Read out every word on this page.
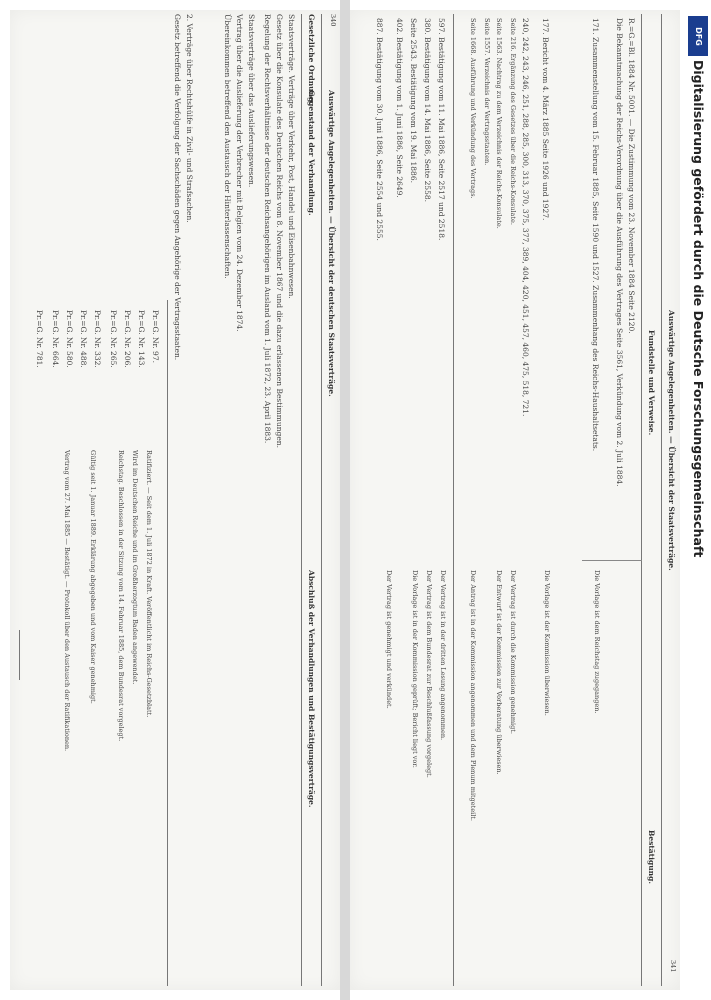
340
Auswärtige Angelegenheiten. — Übersicht der deutschen Staatsverträge.
Gesetzliche Ordnung.
Gegenstand der Verhandlung.
Abschluß der Verhandlungen und Bestätigungsverträge.
Staatsverträge. Verträge über Verkehr, Post, Handel und Eisenbahnwesen.
Gesetz über die Konsulate des Deutschen Reichs vom 8. November 1867 und die dazu erlassenen Bestimmungen.
Regelung der Rechtsverhältnisse der deutschen Reichsangehörigen im Ausland vom 1. Juli 1872, 23. April 1883.
Staatsverträge über das Auslieferungswesen.
Vertrag über die Auslieferung der Verbrecher mit Belgien vom 24. Dezember 1874.
Übereinkommen betreffend den Austausch der Hinterlassenschaften.
2. Verträge über Rechtshülfe in Zivil- und Strafsachen.
Gesetz betreffend die Verfolgung der Sachschäden gegen Angehörige der Vertragsstaaten.
Pr.=G. Nr. 97.
Pr.=G. Nr. 143.
Pr.=G. Nr. 206.
Pr.=G. Nr. 265.
Pr.=G. Nr. 332.
Pr.=G. Nr. 488.
Pr.=G. Nr. 580.
Pr.=G. Nr. 664.
Pr.=G. Nr. 781.
Ratifiziert. — Seit dem 1. Juli 1872 in Kraft. Veröffentlicht im Reichs-Gesetzblatt.
Wird im Deutschen Reiche und im Großherzogtum Baden angewendet.
Reichstag. Beschlossen in der Sitzung vom 14. Februar 1885, dem Bundesrat vorgelegt.
Gültig seit 1. Januar 1889. Erklärung abgegeben und vom Kaiser genehmigt.
Vertrag vom 27. Mai 1885 — Bestätigt. — Protokoll über den Austausch der Ratifikationen.
Auswärtige Angelegenheiten. — Übersicht der Staatsverträge.
341
Fundstelle und Verweise.
Bestätigung.
R.=G.=Bl. 1884 Nr. 5001. — Die Zustimmung vom 23. November 1884 Seite 2120.
Die Bekanntmachung der Reichs-Verordnung über die Ausführung des Vertrages Seite 3561, Verkündung vom 2. Juli 1884.
171. Zusammenstellung vom 15. Februar 1885, Seite 1590 und 1527. Zusammenhang des Reichs-Haushaltsetats.
177. Bericht vom 4. März 1885 Seite 1926 und 1927.
240, 242, 243, 246, 251, 288, 285, 300, 313, 370, 375, 377, 389, 404, 420, 451, 457, 460, 475, 518, 721.
Seite 216. Ergänzung des Gesetzes über die Reichs-Konsulate.
Seite 1563. Nachtrag zu dem Verzeichnis der Reichs-Konsulate.
Seite 1557. Verzeichnis der Vertragsstaaten.
Seite 1668. Ausführung und Verkündung des Vertrags.
597. Bestätigung vom 11. Mai 1886, Seite 2517 und 2518.
380. Bestätigung vom 14. Mai 1886, Seite 2558.
Seite 2543. Bestätigung vom 19. Mai 1886.
402. Bestätigung vom 1. Juni 1886, Seite 2649.
887. Bestätigung vom 30. Juni 1886, Seite 2554 und 2555.
Die Vorlage ist dem Reichstag zugegangen.
Die Vorlage ist der Kommission überwiesen.
Der Vertrag ist durch die Kommission genehmigt.
Der Entwurf ist der Kommission zur Vorberatung überwiesen.
Der Antrag ist in der Kommission angenommen und dem Plenum mitgeteilt.
Der Vertrag ist in der dritten Lesung angenommen.
Der Vertrag ist dem Bundesrat zur Beschlußfassung vorgelegt.
Die Vorlage ist in der Kommission geprüft; Bericht liegt vor.
Der Vertrag ist genehmigt und verkündet.
DFG
Digitalisierung gefördert durch die Deutsche Forschungsgemeinschaft
